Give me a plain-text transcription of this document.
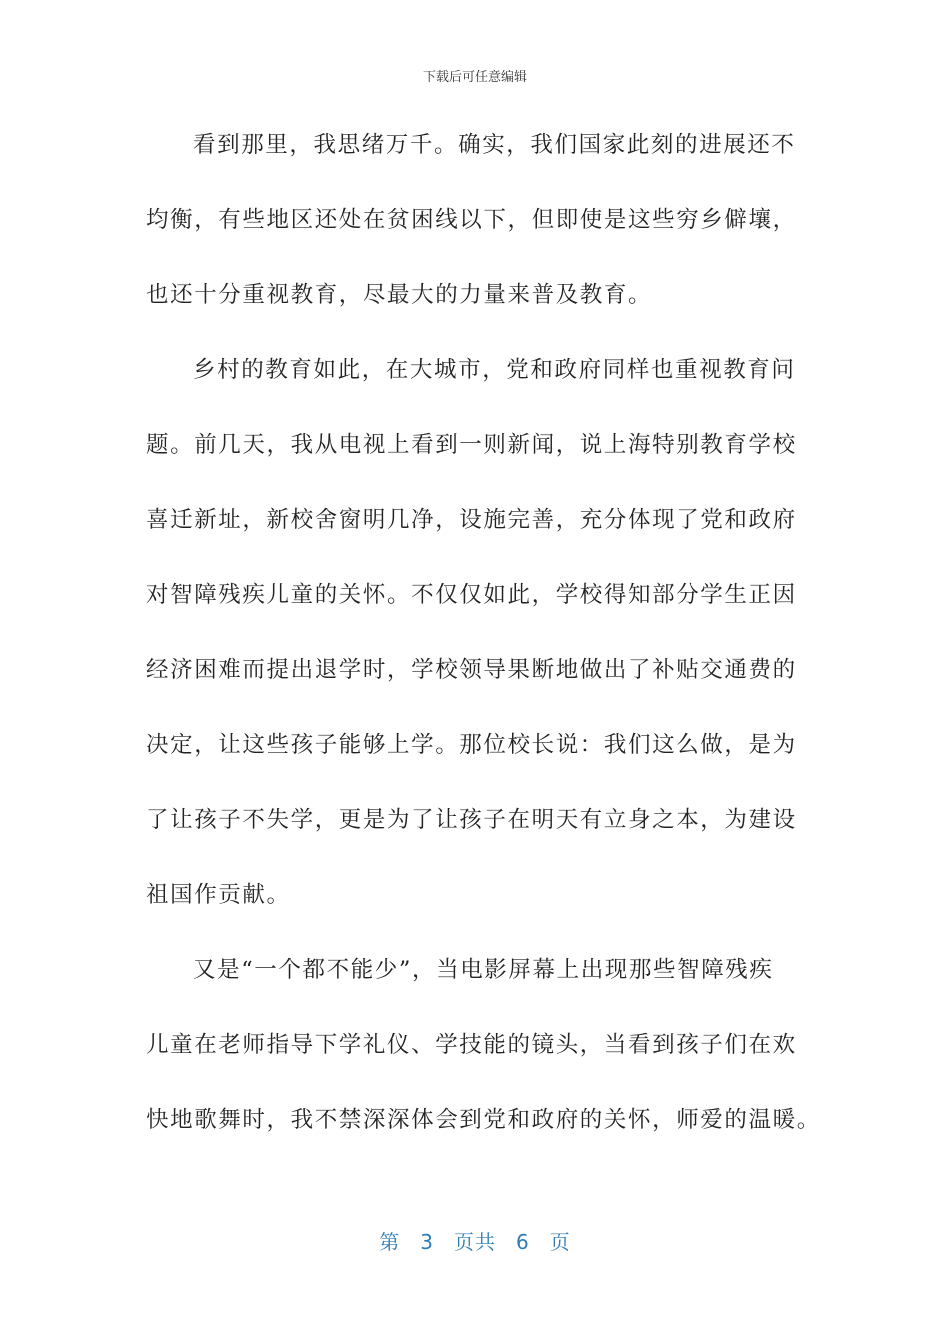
下载后可任意编辑

看到那里，我思绪万千。确实，我们国家此刻的进展还不

均衡，有些地区还处在贫困线以下，但即使是这些穷乡僻壤，

也还十分重视教育，尽最大的力量来普及教育。

乡村的教育如此，在大城市，党和政府同样也重视教育问

题。前几天，我从电视上看到一则新闻，说上海特别教育学校

喜迁新址，新校舍窗明几净，设施完善，充分体现了党和政府

对智障残疾儿童的关怀。不仅仅如此，学校得知部分学生正因

经济困难而提出退学时，学校领导果断地做出了补贴交通费的

决定，让这些孩子能够上学。那位校长说：我们这么做，是为

了让孩子不失学，更是为了让孩子在明天有立身之本，为建设

祖国作贡献。

又是“一个都不能少”，当电影屏幕上出现那些智障残疾

儿童在老师指导下学礼仪、学技能的镜头，当看到孩子们在欢

快地歌舞时，我不禁深深体会到党和政府的关怀，师爱的温暖。

第 3 页共 6 页
